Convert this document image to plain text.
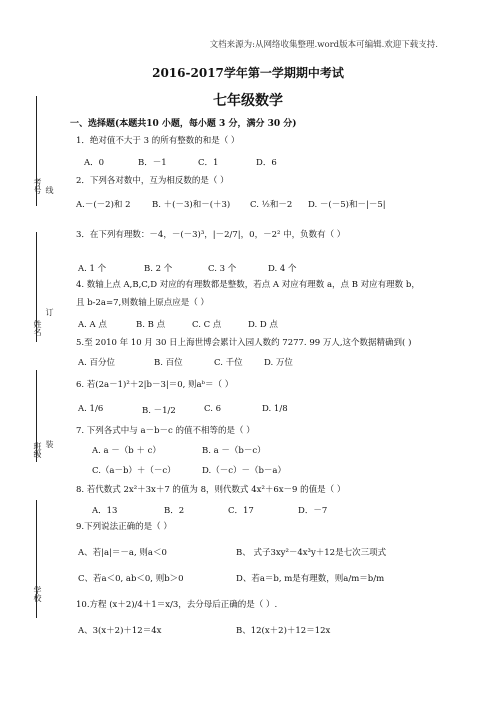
文档来源为:从网络收集整理.word版本可编辑.欢迎下载支持.
2016-2017学年第一学期期中考试
七年级数学
一、选择题(本题共10 小题，每小题 3 分，满分 30 分)
考号 线
姓名
订
班级 装
学校
1．绝对值不大于 3 的所有整数的和是（ ）
A．0	B．－1	C．1	D．6
2．下列各对数中，互为相反数的是（ ）
A.－(－2)和 2	B. ＋(－3)和－(＋3)	C. ½和－2	D. －(－5)和－|－5|
3．在下列有理数：－4，－(－3)³，|－2/7|，0，－2² 中，负数有（ ）
A. 1 个	B. 2 个	C. 3 个	D. 4 个
4. 数轴上点 A,B,C,D 对应的有理数都是整数，若点 A 对应有理数 a，点 B 对应有理数 b，
且 b-2a=7,则数轴上原点应是（ ）
A. A 点	B. B 点	C. C 点	D. D 点
5.至 2010 年 10 月 30 日上海世博会累计入园人数约 7277. 99 万人,这个数据精确到( )
A. 百分位	B. 百位	C. 千位	D. 万位
6. 若(2a－1)²＋2|b－3|＝0, 则aᵇ＝（ ）
A. 1/6	B. －1/2	C. 6	D. 1/8
7. 下列各式中与 a－b－c 的值不相等的是（ ）
A. a －（b ＋ c）	B. a －（b－c）
C.（a－b）＋（－c）	D.（－c）－（b－a）
8. 若代数式 2x²＋3x＋7 的值为 8，则代数式 4x²＋6x－9 的值是（ ）
A．13	B．2	C．17	D．－7
9.下列说法正确的是（ ）
A、若|a|＝－a, 则a＜0	B、 式子3xy²－4x³y＋12是七次三项式
C、若a＜0, ab＜0, 则b＞0	D、若a＝b, m是有理数，则a/m＝b/m
10.方程 (x＋2)/4＋1＝x/3，去分母后正确的是（ ）.
A、3(x＋2)＋12＝4x	B、12(x＋2)＋12＝12x
